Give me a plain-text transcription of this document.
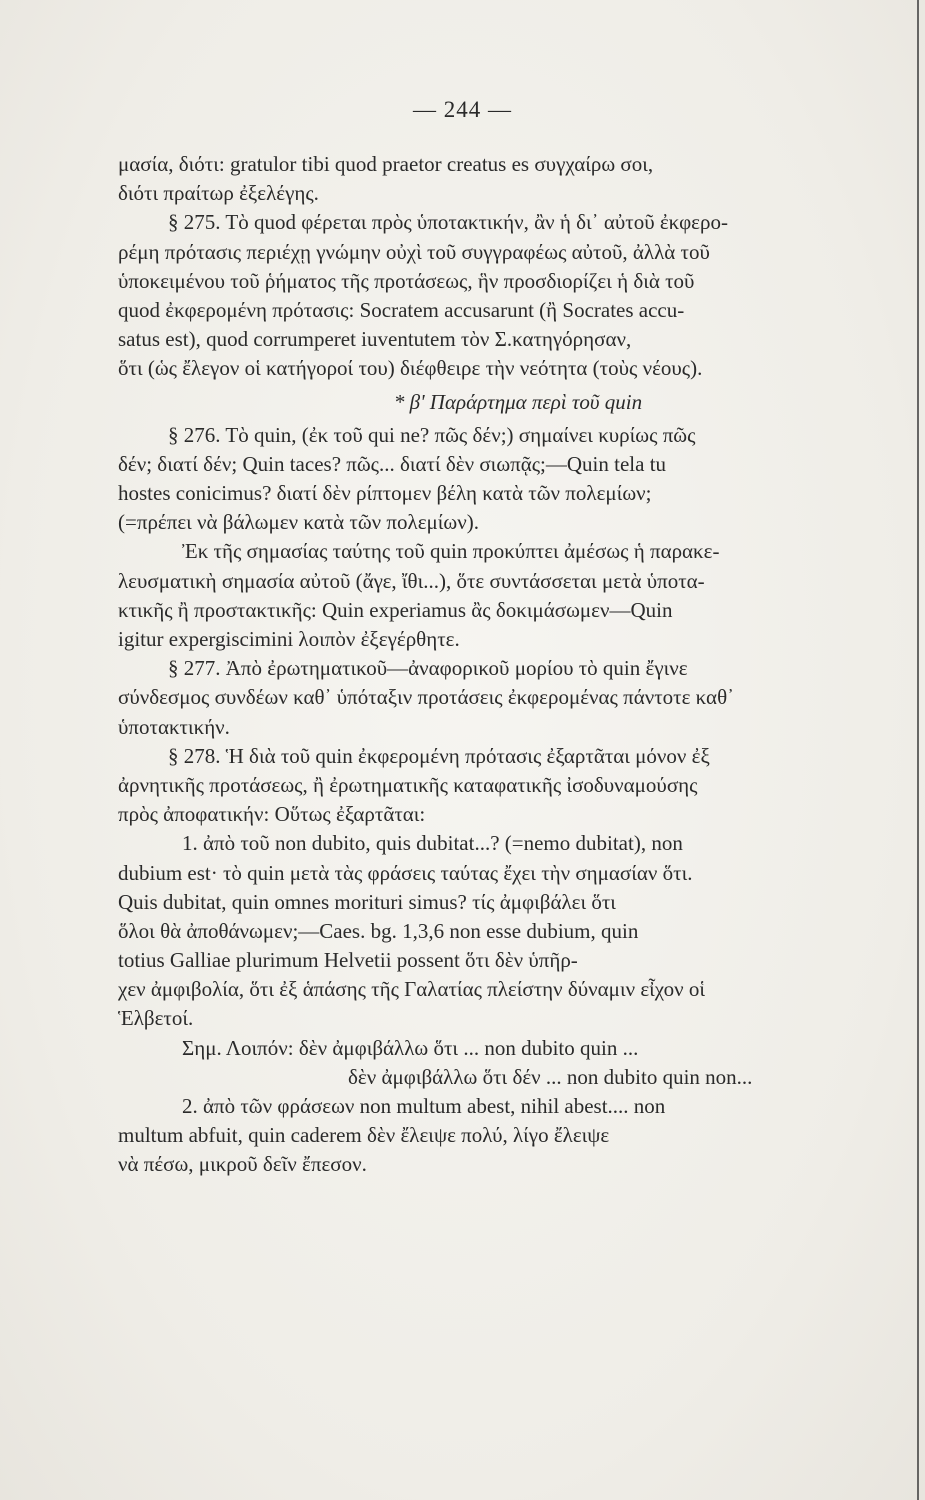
— 244 —
μασία, διότι: gratulor tibi quod praetor creatus es συγχαίρω σοι,
διότι πραίτωρ ἐξελέγης.
§ 275. Τὸ quod φέρεται πρὸς ὑποτακτικήν, ἂν ἡ δι᾽ αὐτοῦ ἐκφερο-
ρέμη πρότασις περιέχῃ γνώμην οὐχὶ τοῦ συγγραφέως αὐτοῦ, ἀλλὰ τοῦ
ὑποκειμένου τοῦ ῥήματος τῆς προτάσεως, ἣν προσδιορίζει ἡ διὰ τοῦ
quod ἐκφερομένη πρότασις: Socratem accusarunt (ἢ Socrates accu-
satus est), quod corrumperet iuventutem τὸν Σ.κατηγόρησαν,
ὅτι (ὡς ἔλεγον οἱ κατήγοροί του) διέφθειρε τὴν νεότητα (τοὺς νέους).
* β' Παράρτημα περὶ τοῦ quin
§ 276. Τὸ quin, (ἐκ τοῦ qui ne? πῶς δέν;) σημαίνει κυρίως πῶς
δέν; διατί δέν; Quin taces? πῶς... διατί δὲν σιωπᾷς;—Quin tela tu
hostes conicimus? διατί δὲν ρίπτομεν βέλη κατὰ τῶν πολεμίων;
(=πρέπει νὰ βάλωμεν κατὰ τῶν πολεμίων).
Ἐκ τῆς σημασίας ταύτης τοῦ quin προκύπτει ἀμέσως ἡ παρακε-
λευσματικὴ σημασία αὐτοῦ (ἄγε, ἴθι...), ὅτε συντάσσεται μετὰ ὑποτα-
κτικῆς ἢ προστακτικῆς: Quin experiamus ἂς δοκιμάσωμεν—Quin
igitur expergiscimini λοιπὸν ἐξεγέρθητε.
§ 277. Ἀπὸ ἐρωτηματικοῦ—ἀναφορικοῦ μορίου τὸ quin ἔγινε
σύνδεσμος συνδέων καθ᾽ ὑπόταξιν προτάσεις ἐκφερομένας πάντοτε καθ᾽
ὑποτακτικήν.
§ 278. Ἡ διὰ τοῦ quin ἐκφερομένη πρότασις ἐξαρτᾶται μόνον ἐξ
ἀρνητικῆς προτάσεως, ἢ ἐρωτηματικῆς καταφατικῆς ἰσοδυναμούσης
πρὸς ἀποφατικήν: Οὕτως ἐξαρτᾶται:
1. ἀπὸ τοῦ non dubito, quis dubitat...? (=nemo dubitat), non
dubium est· τὸ quin μετὰ τὰς φράσεις ταύτας ἔχει τὴν σημασίαν ὅτι.
Quis dubitat, quin omnes morituri simus? τίς ἀμφιβάλει ὅτι
ὅλοι θὰ ἀποθάνωμεν;—Caes. bg. 1,3,6 non esse dubium, quin
totius Galliae plurimum Helvetii possent ὅτι δὲν ὑπῆρ-
χεν ἀμφιβολία, ὅτι ἐξ ἁπάσης τῆς Γαλατίας πλείστην δύναμιν εἶχον οἱ
Ἑλβετοί.
Σημ. Λοιπόν: δὲν ἀμφιβάλλω ὅτι ... non dubito quin ...
δὲν ἀμφιβάλλω ὅτι δέν ... non dubito quin non...
2. ἀπὸ τῶν φράσεων non multum abest, nihil abest.... non
multum abfuit, quin caderem δὲν ἔλειψε πολύ, λίγο ἔλειψε
νὰ πέσω, μικροῦ δεῖν ἔπεσον.
